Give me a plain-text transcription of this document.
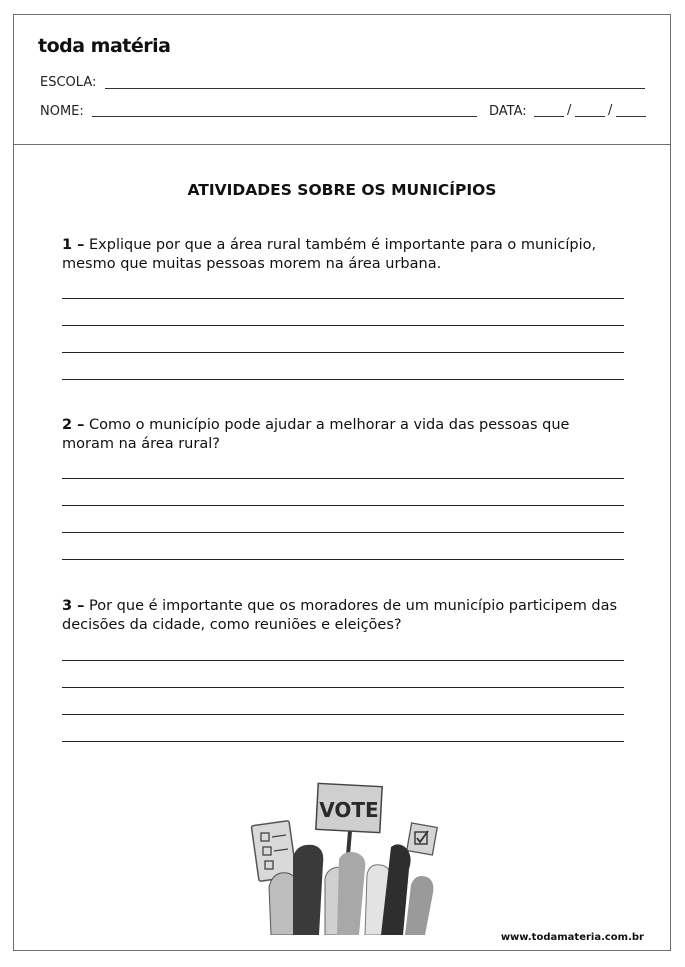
toda matéria
ESCOLA:
NOME:	DATA:	/	/
ATIVIDADES SOBRE OS MUNICÍPIOS
1 – Explique por que a área rural também é importante para o município, mesmo que muitas pessoas morem na área urbana.
2 – Como o município pode ajudar a melhorar a vida das pessoas que moram na área rural?
3 – Por que é importante que os moradores de um município participem das decisões da cidade, como reuniões e eleições?
VOTE
www.todamateria.com.br
